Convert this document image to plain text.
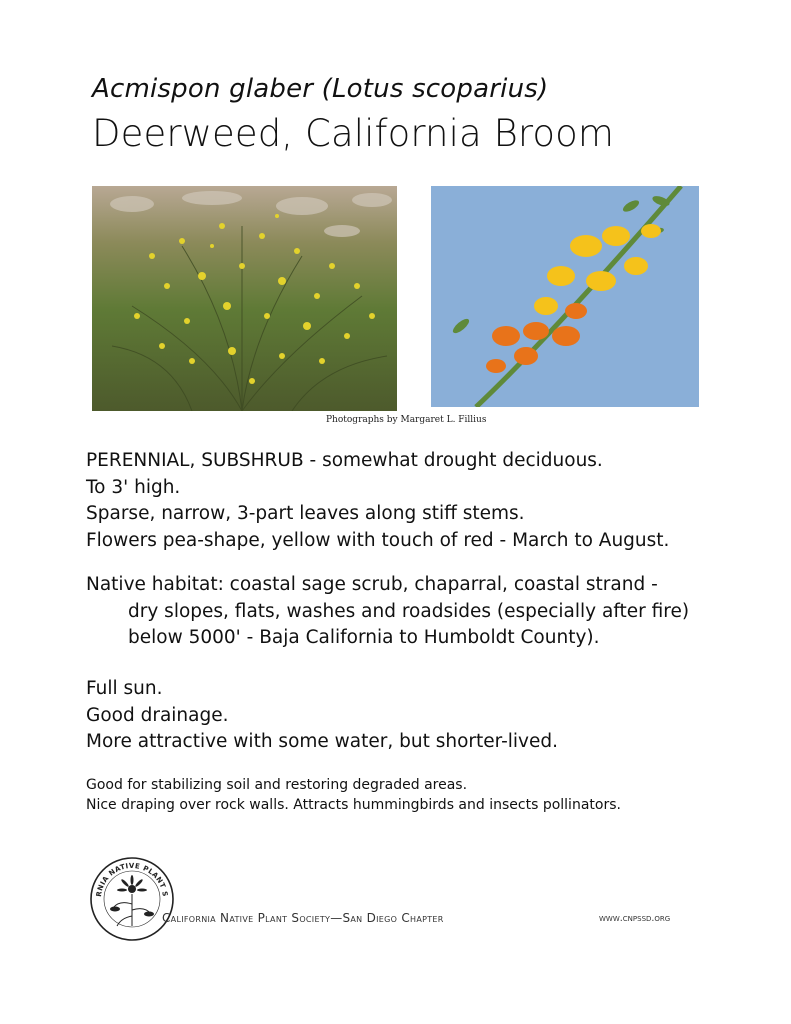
Acmispon glaber (Lotus scoparius)
Deerweed, California Broom
Photographs by Margaret L. Fillius
PERENNIAL, SUBSHRUB - somewhat drought deciduous.
To 3' high.
Sparse, narrow, 3-part leaves along stiff stems.
Flowers pea-shape, yellow with touch of red - March to August.
Native habitat: coastal sage scrub, chaparral, coastal strand -
dry slopes, flats, washes and roadsides (especially after fire)
below 5000' - Baja California to Humboldt County).
Full sun.
Good drainage.
More attractive with some water, but shorter-lived.
Good for stabilizing soil and restoring degraded areas.
Nice draping over rock walls. Attracts hummingbirds and insects pollinators.
RNIA NATIVE PLANT S
California Native Plant Society—San Diego Chapter	www.cnpssd.org
